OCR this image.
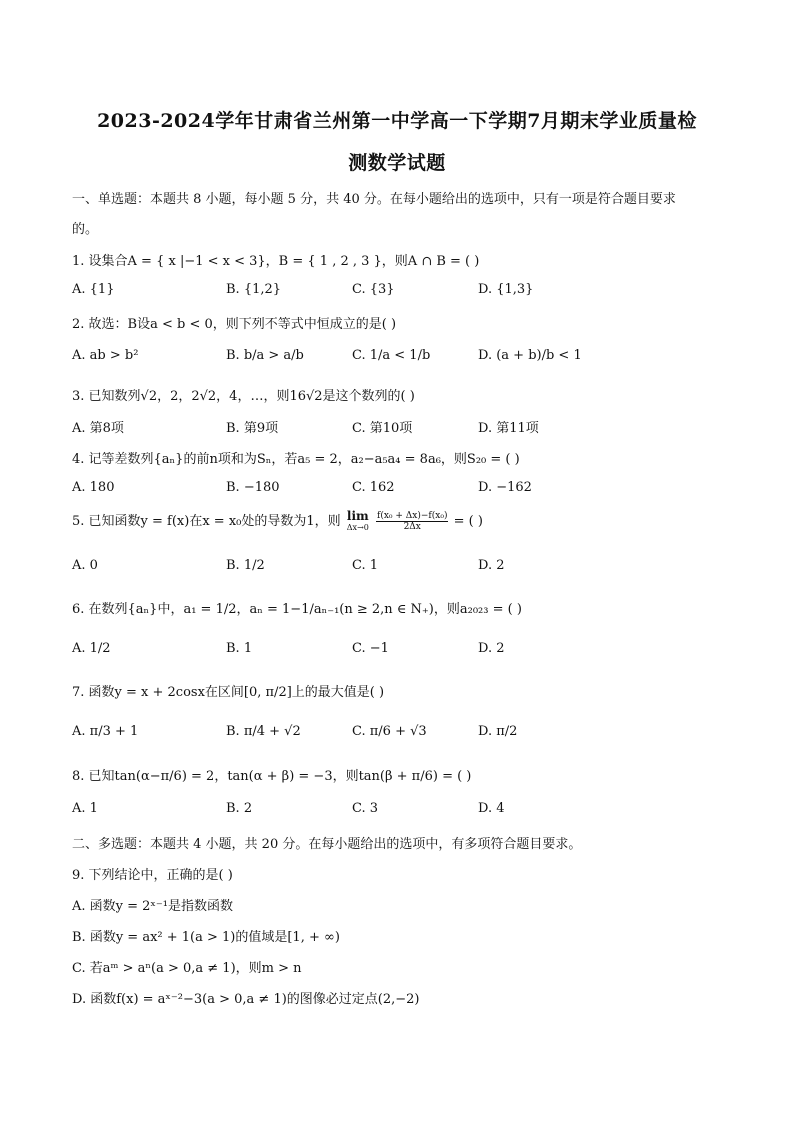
2023-2024学年甘肃省兰州第一中学高一下学期7月期末学业质量检
测数学试题
一、单选题：本题共 8 小题，每小题 5 分，共 40 分。在每小题给出的选项中，只有一项是符合题目要求
的。
1. 设集合A = { x |−1 < x < 3}，B = { 1 , 2 , 3 }，则A ∩ B = ( )
A. {1}	B. {1,2}	C. {3}	D. {1,3}
2. 故选：B设a < b < 0，则下列不等式中恒成立的是( )
A. ab > b²	B. b/a > a/b	C. 1/a < 1/b	D. (a + b)/b < 1
3. 已知数列√2，2，2√2，4，…，则16√2是这个数列的( )
A. 第8项	B. 第9项	C. 第10项	D. 第11项
4. 记等差数列{aₙ}的前n项和为Sₙ，若a₅ = 2，a₂−a₅a₄ = 8a₆，则S₂₀ = ( )
A. 180	B. −180	C. 162	D. −162
5. 已知函数y = f(x)在x = x₀处的导数为1，则 lim
Δx→0
$\frac{\text{f(x₀ + Δx)−f(x₀)}}{2\Delta x}$ = ( )
A. 0	B. 1/2	C. 1	D. 2
6. 在数列{aₙ}中，a₁ = 1/2，aₙ = 1−1/aₙ₋₁(n ≥ 2,n ∈ N₊)，则a₂₀₂₃ = ( )
A. 1/2	B. 1	C. −1	D. 2
7. 函数y = x + 2cosx在区间[0, π/2]上的最大值是( )
A. π/3 + 1	B. π/4 + √2	C. π/6 + √3	D. π/2
8. 已知tan(α−π/6) = 2，tan(α + β) = −3，则tan(β + π/6) = ( )
A. 1	B. 2	C. 3	D. 4
二、多选题：本题共 4 小题，共 20 分。在每小题给出的选项中，有多项符合题目要求。
9. 下列结论中，正确的是( )
A. 函数y = 2ˣ⁻¹是指数函数
B. 函数y = ax² + 1(a > 1)的值域是[1, + ∞)
C. 若aᵐ > aⁿ(a > 0,a ≠ 1)，则m > n
D. 函数f(x) = aˣ⁻²−3(a > 0,a ≠ 1)的图像必过定点(2,−2)
